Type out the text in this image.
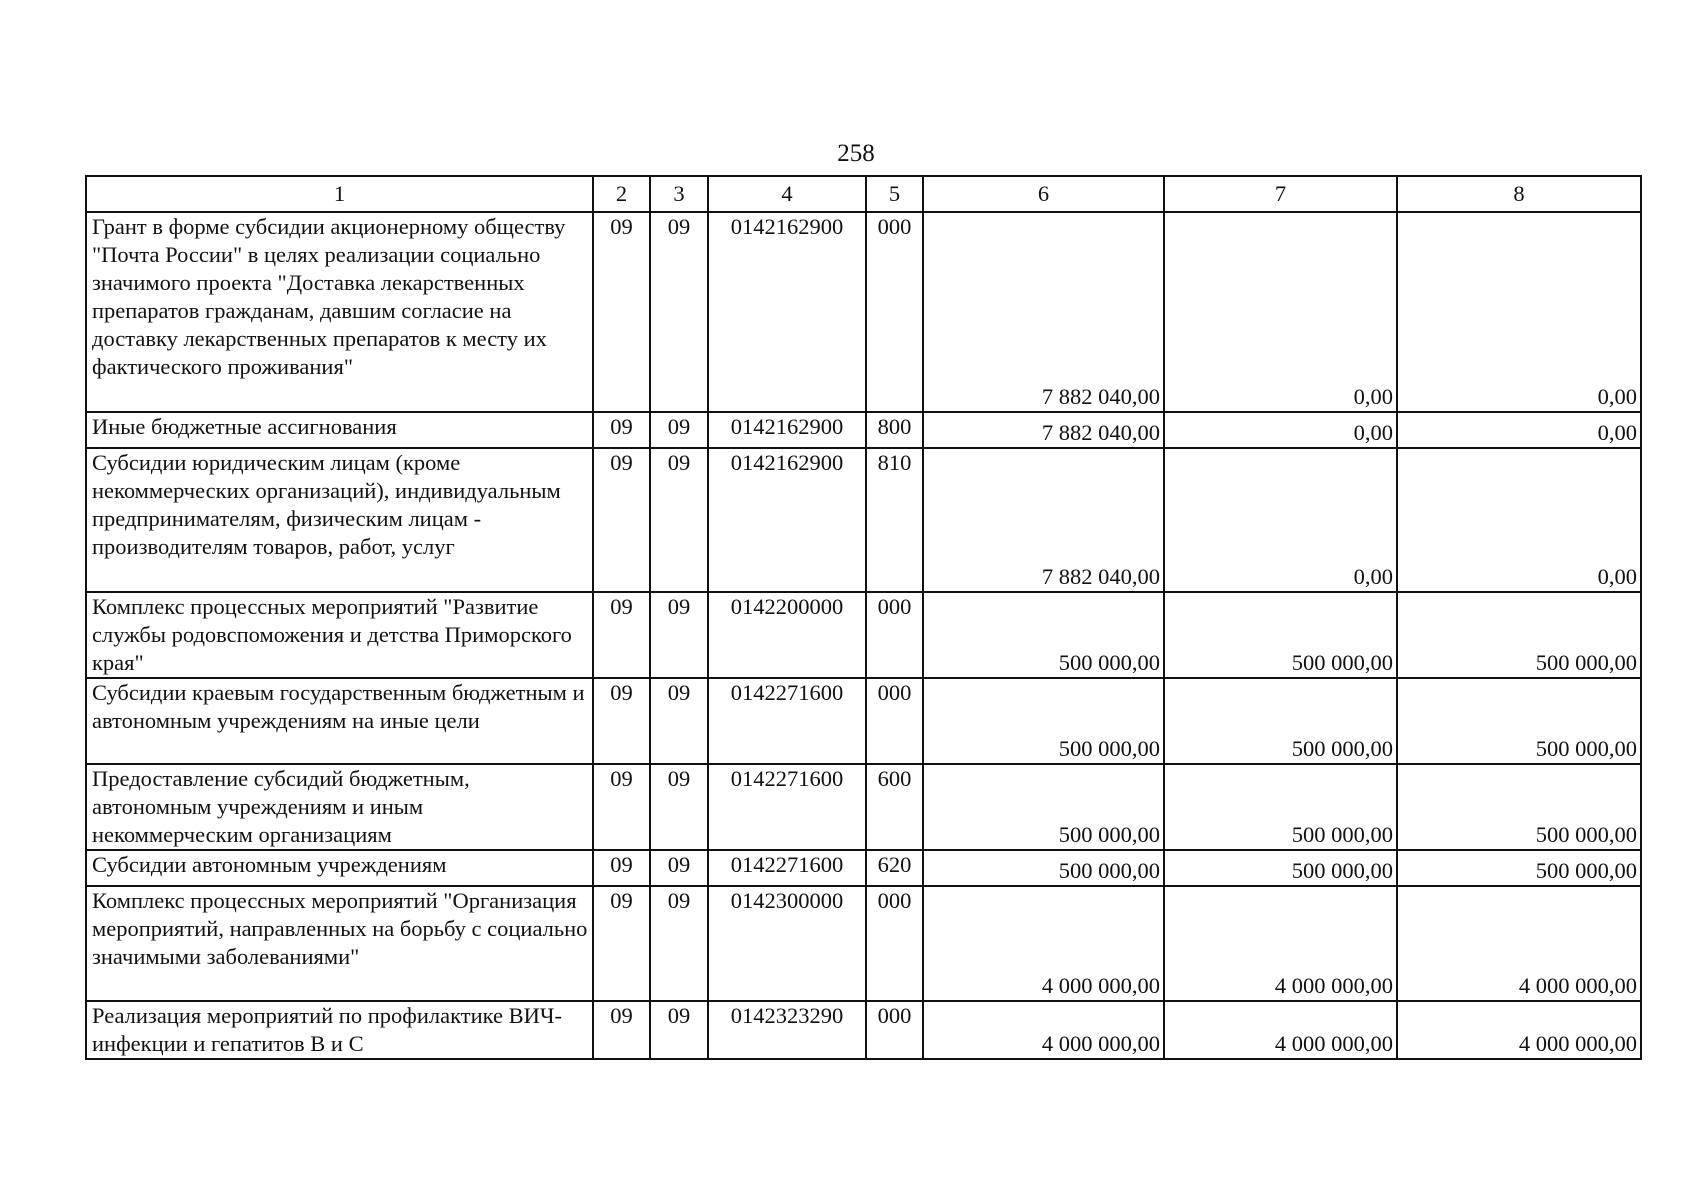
258
1	2	3	4	5	6	7	8
Грант в форме субсидии акционерному обществу "Почта России" в целях реализации социально значимого проекта "Доставка лекарственных препаратов гражданам, давшим согласие на доставку лекарственных препаратов к месту их фактического проживания"	09	09	0142162900	000	7 882 040,00	0,00	0,00
Иные бюджетные ассигнования	09	09	0142162900	800	7 882 040,00	0,00	0,00
Субсидии юридическим лицам (кроме некоммерческих организаций), индивидуальным предпринимателям, физическим лицам - производителям товаров, работ, услуг	09	09	0142162900	810	7 882 040,00	0,00	0,00
Комплекс процессных мероприятий "Развитие службы родовспоможения и детства Приморского края"	09	09	0142200000	000	500 000,00	500 000,00	500 000,00
Субсидии краевым государственным бюджетным и автономным учреждениям на иные цели	09	09	0142271600	000	500 000,00	500 000,00	500 000,00
Предоставление субсидий бюджетным, автономным учреждениям и иным некоммерческим организациям	09	09	0142271600	600	500 000,00	500 000,00	500 000,00
Субсидии автономным учреждениям	09	09	0142271600	620	500 000,00	500 000,00	500 000,00
Комплекс процессных мероприятий "Организация мероприятий, направленных на борьбу с социально значимыми заболеваниями"	09	09	0142300000	000	4 000 000,00	4 000 000,00	4 000 000,00
Реализация мероприятий по профилактике ВИЧ-инфекции и гепатитов B и C	09	09	0142323290	000	4 000 000,00	4 000 000,00	4 000 000,00
